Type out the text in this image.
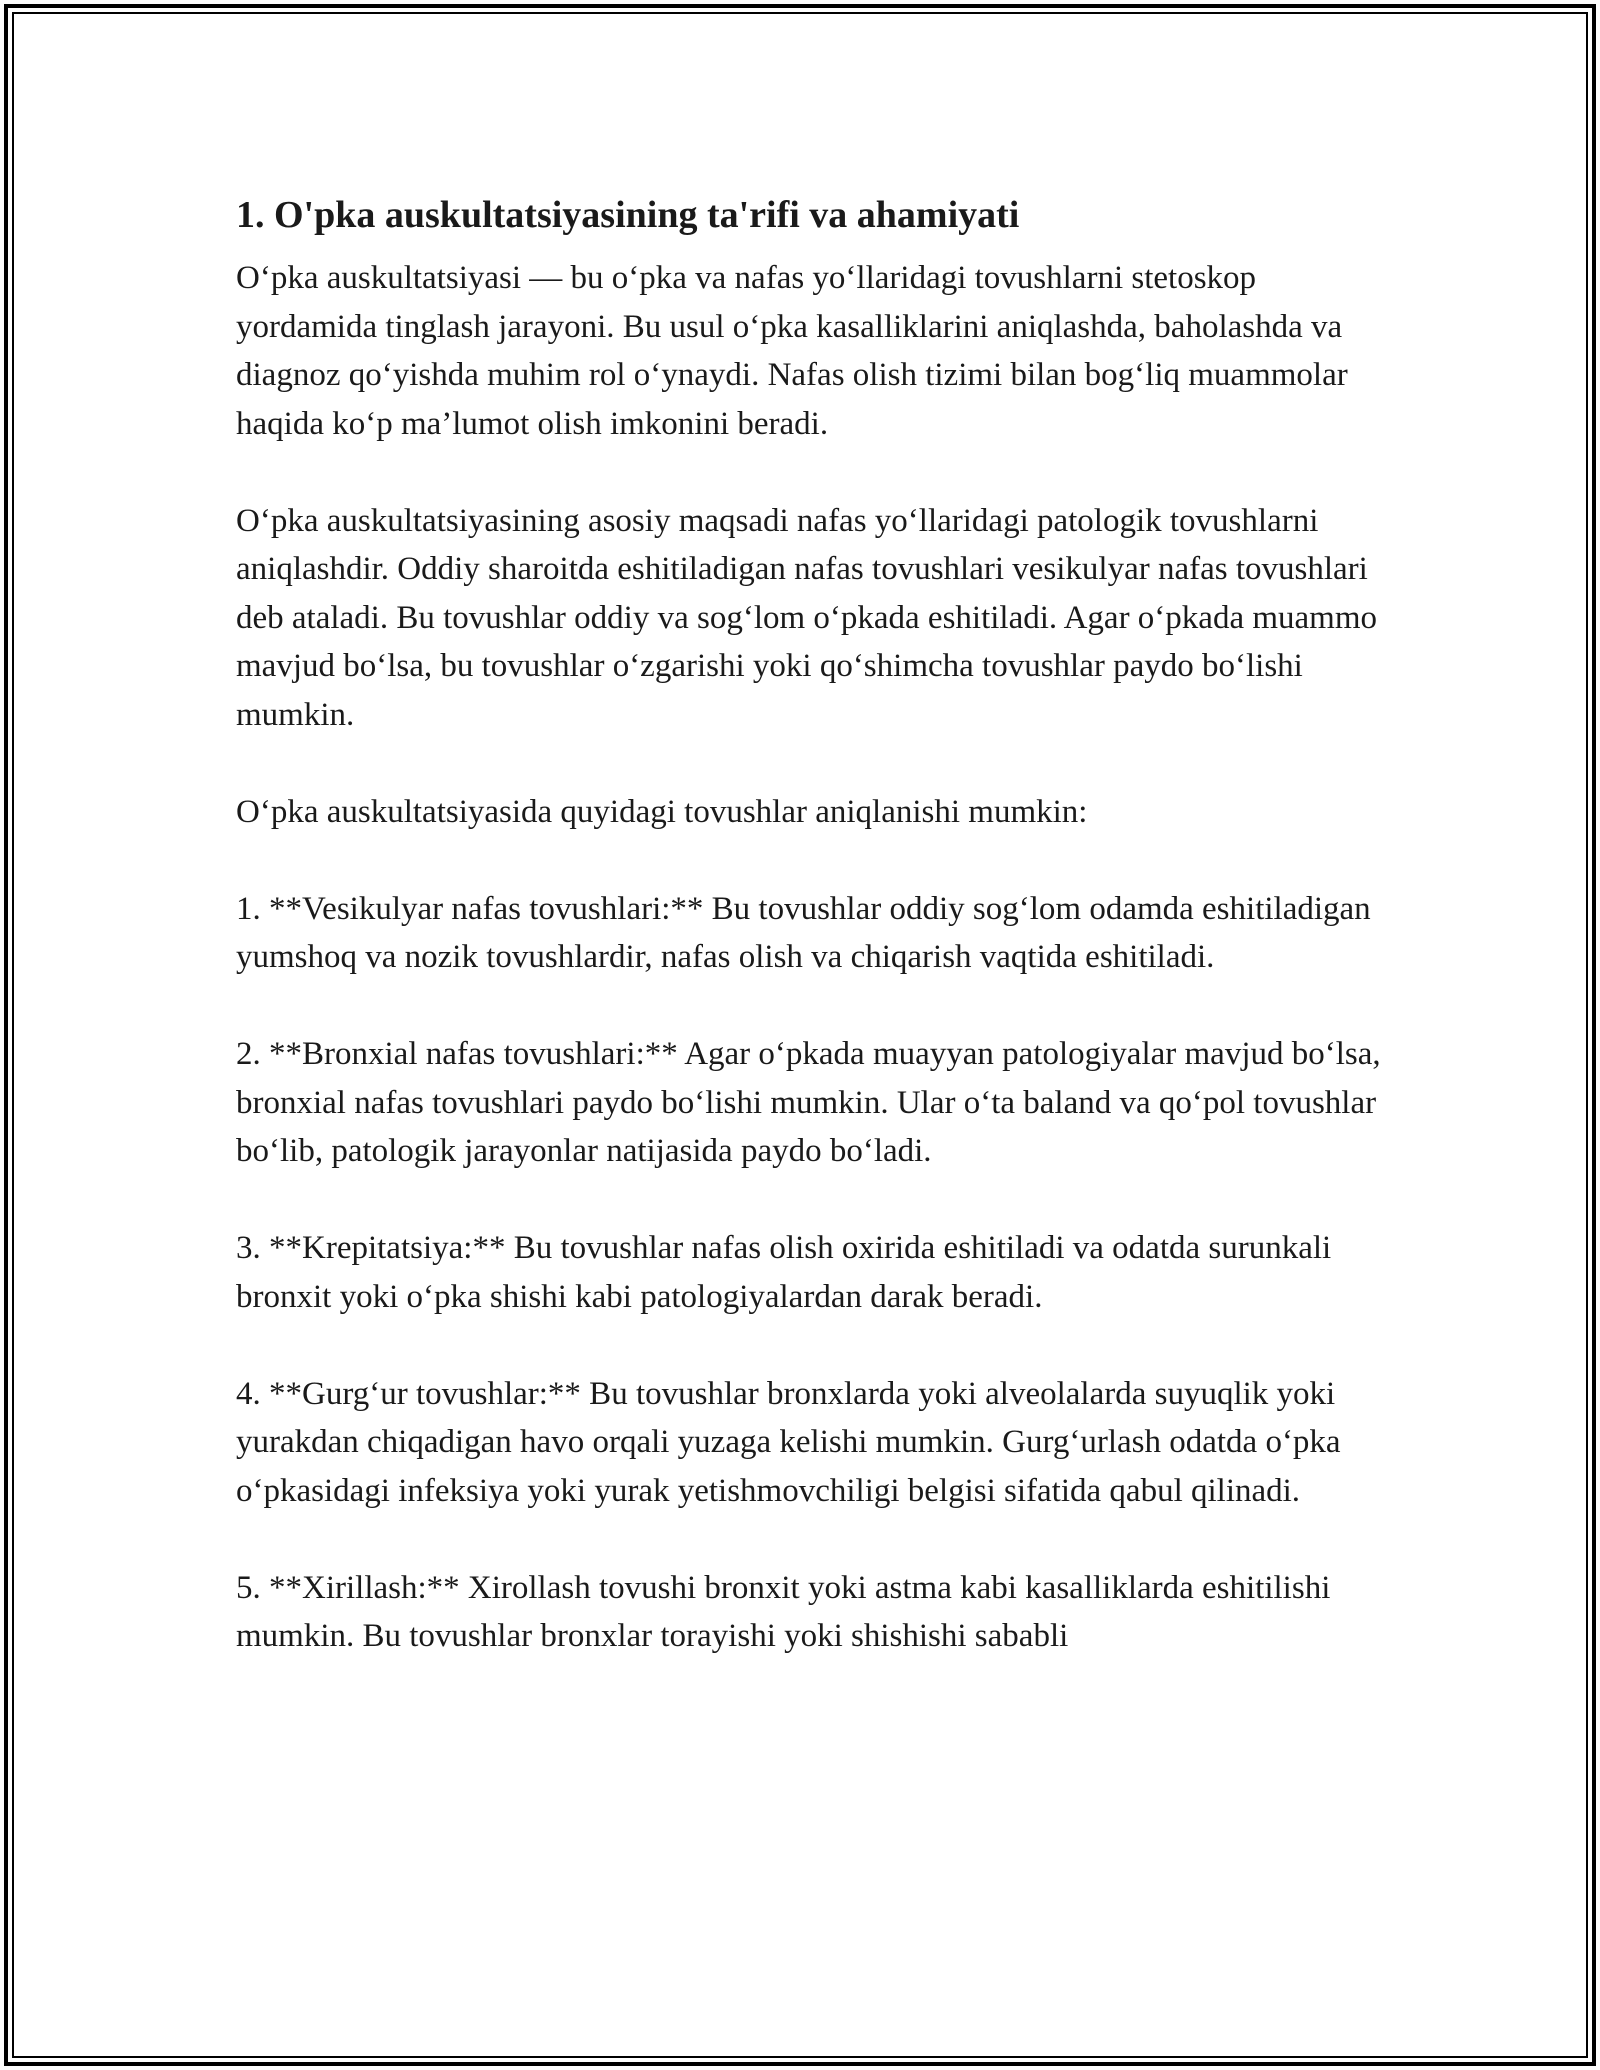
1. O'pka auskultatsiyasining ta'rifi va ahamiyati

O‘pka auskultatsiyasi — bu o‘pka va nafas yo‘llaridagi tovushlarni stetoskop yordamida tinglash jarayoni. Bu usul o‘pka kasalliklarini aniqlashda, baholashda va diagnoz qo‘yishda muhim rol o‘ynaydi. Nafas olish tizimi bilan bog‘liq muammolar haqida ko‘p ma’lumot olish imkonini beradi.

O‘pka auskultatsiyasining asosiy maqsadi nafas yo‘llaridagi patologik tovushlarni aniqlashdir. Oddiy sharoitda eshitiladigan nafas tovushlari vesikulyar nafas tovushlari deb ataladi. Bu tovushlar oddiy va sog‘lom o‘pkada eshitiladi. Agar o‘pkada muammo mavjud bo‘lsa, bu tovushlar o‘zgarishi yoki qo‘shimcha tovushlar paydo bo‘lishi mumkin.

O‘pka auskultatsiyasida quyidagi tovushlar aniqlanishi mumkin:

1. **Vesikulyar nafas tovushlari:** Bu tovushlar oddiy sog‘lom odamda eshitiladigan yumshoq va nozik tovushlardir, nafas olish va chiqarish vaqtida eshitiladi.

2. **Bronxial nafas tovushlari:** Agar o‘pkada muayyan patologiyalar mavjud bo‘lsa, bronxial nafas tovushlari paydo bo‘lishi mumkin. Ular o‘ta baland va qo‘pol tovushlar bo‘lib, patologik jarayonlar natijasida paydo bo‘ladi.

3. **Krepitatsiya:** Bu tovushlar nafas olish oxirida eshitiladi va odatda surunkali bronxit yoki o‘pka shishi kabi patologiyalardan darak beradi.

4. **Gurg‘ur tovushlar:** Bu tovushlar bronxlarda yoki alveolalarda suyuqlik yoki yurakdan chiqadigan havo orqali yuzaga kelishi mumkin. Gurg‘urlash odatda o‘pka o‘pkasidagi infeksiya yoki yurak yetishmovchiligi belgisi sifatida qabul qilinadi.

5. **Xirillash:** Xirollash tovushi bronxit yoki astma kabi kasalliklarda eshitilishi mumkin. Bu tovushlar bronxlar torayishi yoki shishishi sababli
